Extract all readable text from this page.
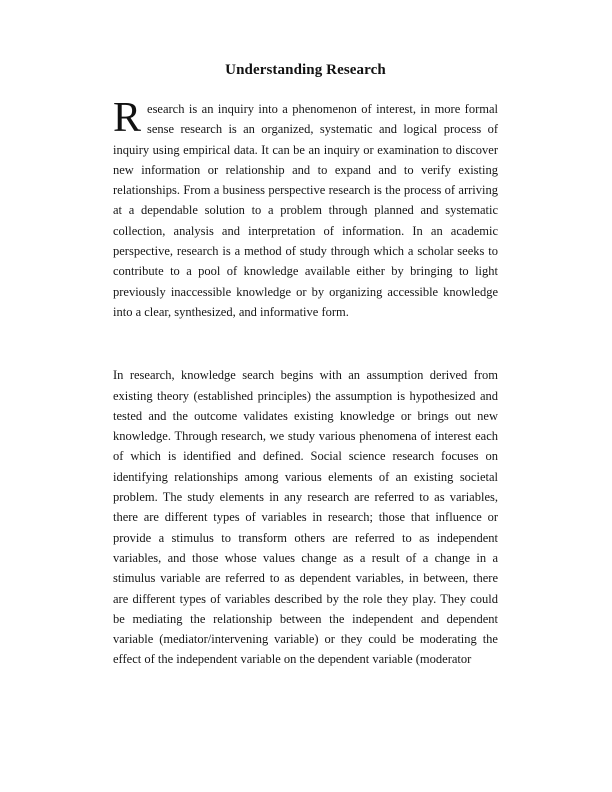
Understanding Research

Research is an inquiry into a phenomenon of interest, in more formal sense research is an organized, systematic and logical process of inquiry using empirical data. It can be an inquiry or examination to discover new information or relationship and to expand and to verify existing relationships. From a business perspective research is the process of arriving at a dependable solution to a problem through planned and systematic collection, analysis and interpretation of information. In an academic perspective, research is a method of study through which a scholar seeks to contribute to a pool of knowledge available either by bringing to light previously inaccessible knowledge or by organizing accessible knowledge into a clear, synthesized, and informative form.

In research, knowledge search begins with an assumption derived from existing theory (established principles) the assumption is hypothesized and tested and the outcome validates existing knowledge or brings out new knowledge. Through research, we study various phenomena of interest each of which is identified and defined. Social science research focuses on identifying relationships among various elements of an existing societal problem. The study elements in any research are referred to as variables, there are different types of variables in research; those that influence or provide a stimulus to transform others are referred to as independent variables, and those whose values change as a result of a change in a stimulus variable are referred to as dependent variables, in between, there are different types of variables described by the role they play. They could be mediating the relationship between the independent and dependent variable (mediator/intervening variable) or they could be moderating the effect of the independent variable on the dependent variable (moderator
